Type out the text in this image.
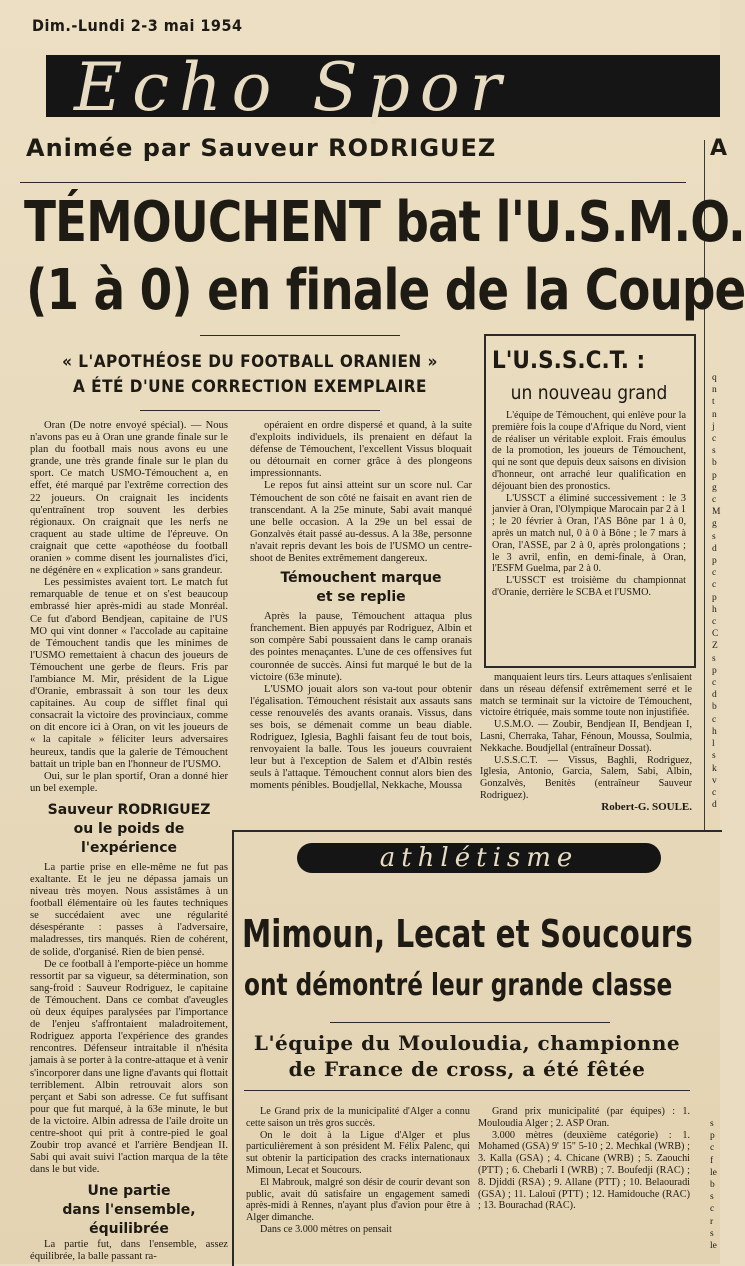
Dim.-Lundi 2-3 mai 1954
Echo Spor
Animée par Sauveur RODRIGUEZ
TÉMOUCHENT bat l'U.S.M.O.
(1 à 0) en finale de la Coupe
« L'APOTHÉOSE DU FOOTBALL ORANIEN »
A ÉTÉ D'UNE CORRECTION EXEMPLAIRE

Oran (De notre envoyé spécial). — Nous n'avons pas eu à Oran une grande finale sur le plan du football mais nous avons eu une grande, une très grande finale sur le plan du sport. Ce match USMO-Témouchent a, en effet, été marqué par l'extrême correction des 22 joueurs. On craignait les incidents qu'entraînent trop souvent les derbies régionaux. On craignait que les nerfs ne craquent au stade ultime de l'épreuve. On craignait que cette «apothéose du football oranien » comme disent les journalistes d'ici, ne dégénère en « explication » sans grandeur.

Les pessimistes avaient tort. Le match fut remarquable de tenue et on s'est beaucoup embrassé hier après-midi au stade Monréal. Ce fut d'abord Bendjean, capitaine de l'US MO qui vint donner « l'accolade au capitaine de Témouchent tandis que les minimes de l'USMO remettaient à chacun des joueurs de Témouchent une gerbe de fleurs. Fris par l'ambiance M. Mir, président de la Ligue d'Oranie, embrassait à son tour les deux capitaines. Au coup de sifflet final qui consacrait la victoire des provinciaux, comme on dit encore ici à Oran, on vit les joueurs de « la capitale » féliciter leurs adversaires heureux, tandis que la galerie de Témouchent battait un triple ban en l'honneur de l'USMO.

Oui, sur le plan sportif, Oran a donné hier un bel exemple.

Sauveur RODRIGUEZ
ou le poids de l'expérience

La partie prise en elle-même ne fut pas exaltante. Et le jeu ne dépassa jamais un niveau très moyen. Nous assistâmes à un football élémentaire où les fautes techniques se succédaient avec une régularité désespérante : passes à l'adversaire, maladresses, tirs manqués. Rien de cohérent, de solide, d'organisé. Rien de bien pensé.

De ce football à l'emporte-pièce un homme ressortit par sa vigueur, sa détermination, son sang-froid : Sauveur Rodriguez, le capitaine de Témouchent. Dans ce combat d'aveugles où deux équipes paralysées par l'importance de l'enjeu s'affrontaient maladroitement, Rodriguez apporta l'expérience des grandes rencontres. Défenseur intraitable il n'hésita jamais à se porter à la contre-attaque et à venir s'incorporer dans une ligne d'avants qui flottait terriblement. Albin retrouvait alors son perçant et Sabi son adresse. Ce fut suffisant pour que fut marqué, à la 63e minute, le but de la victoire. Albin adressa de l'aile droite un centre-shoot qui prit à contre-pied le goal Zoubir trop avancé et l'arrière Bendjean II. Sabi qui avait suivi l'action marqua de la tête dans le but vide.

Une partie
dans l'ensemble, équilibrée

La partie fut, dans l'ensemble, assez équilibrée, la balle passant ra-

opéraient en ordre dispersé et quand, à la suite d'exploits individuels, ils prenaient en défaut la défense de Témouchent, l'excellent Vissus bloquait ou détournait en corner grâce à des plongeons impressionnants.

Le repos fut ainsi atteint sur un score nul. Car Témouchent de son côté ne faisait en avant rien de transcendant. A la 25e minute, Sabi avait manqué une belle occasion. A la 29e un bel essai de Gonzalvès était passé au-dessus. A la 38e, personne n'avait repris devant les bois de l'USMO un centre-shoot de Benites extrêmement dangereux.

Témouchent marque
et se replie

Après la pause, Témouchent attaqua plus franchement. Bien appuyés par Rodriguez, Albin et son compère Sabi poussaient dans le camp oranais des pointes menaçantes. L'une de ces offensives fut couronnée de succès. Ainsi fut marqué le but de la victoire (63e minute).

L'USMO jouait alors son va-tout pour obtenir l'égalisation. Témouchent résistait aux assauts sans cesse renouvelés des avants oranais. Vissus, dans ses bois, se démenait comme un beau diable. Rodriguez, Iglesia, Baghli faisant feu de tout bois, renvoyaient la balle. Tous les joueurs couvraient leur but à l'exception de Salem et d'Albin restés seuls à l'attaque. Témouchent connut alors bien des moments pénibles. Boudjellal, Nekkache, Moussa

L'U.S.S.C.T. :
un nouveau grand

L'équipe de Témouchent, qui enlève pour la première fois la coupe d'Afrique du Nord, vient de réaliser un véritable exploit. Frais émoulus de la promotion, les joueurs de Témouchent, qui ne sont que depuis deux saisons en division d'honneur, ont arraché leur qualification en déjouant bien des pronostics.

L'USSCT a éliminé successivement : le 3 janvier à Oran, l'Olympique Marocain par 2 à 1 ; le 20 février à Oran, l'AS Bône par 1 à 0, après un match nul, 0 à 0 à Bône ; le 7 mars à Oran, l'ASSE, par 2 à 0, après prolongations ; le 3 avril, enfin, en demi-finale, à Oran, l'ESFM Guelma, par 2 à 0.

L'USSCT est troisième du championnat d'Oranie, derrière le SCBA et l'USMO.

manquaient leurs tirs. Leurs attaques s'enlisaient dans un réseau défensif extrêmement serré et le match se terminait sur la victoire de Témouchent, victoire étriquée, mais somme toute non injustifiée.

U.S.M.O. — Zoubir, Bendjean II, Bendjean I, Lasni, Cherraka, Tahar, Fénoun, Moussa, Soulmia, Nekkache. Boudjellal (entraîneur Dossat).

U.S.S.C.T. — Vissus, Baghli, Rodriguez, Iglesia, Antonio, Garcia, Salem, Sabi, Albin, Gonzalvès, Benitès (entraîneur Sauveur Rodriguez).

Robert-G. SOULE.
athlétisme
Mimoun, Lecat et Soucours
ont démontré leur grande classe
L'équipe du Mouloudia, championne de France de cross, a été fêtée

Le Grand prix de la municipalité d'Alger a connu cette saison un très gros succès.

On le doit à la Ligue d'Alger et plus particulièrement à son président M. Félix Palenc, qui sut obtenir la participation des cracks internationaux Mimoun, Lecat et Soucours.

El Mabrouk, malgré son désir de courir devant son public, avait dû satisfaire un engagement samedi après-midi à Rennes, n'ayant plus d'avion pour être à Alger dimanche.

Dans ce 3.000 mètres on pensait

Grand prix municipalité (par équipes) : 1. Mouloudia Alger ; 2. ASP Oran.

3.000 mètres (deuxième catégorie) : 1. Mohamed (GSA) 9' 15" 5-10 ; 2. Mechkal (WRB) ; 3. Kalla (GSA) ; 4. Chicane (WRB) ; 5. Zaouchi (PTT) ; 6. Chebarli I (WRB) ; 7. Boufedji (RAC) ; 8. Djiddi (RSA) ; 9. Allane (PTT) ; 10. Belaouradi (GSA) ; 11. Lalouï (PTT) ; 12. Hamidouche (RAC) ; 13. Bourachad (RAC).

A
q
n
t
n
j
c
s
b
p
g
c
M
g
s
d
p
c
c
p
h
c
C
Z
s
p
c
d
b
c
h
l
s
k
v
c
d
s
p
c
f
le
b
s
c
r
s
le
